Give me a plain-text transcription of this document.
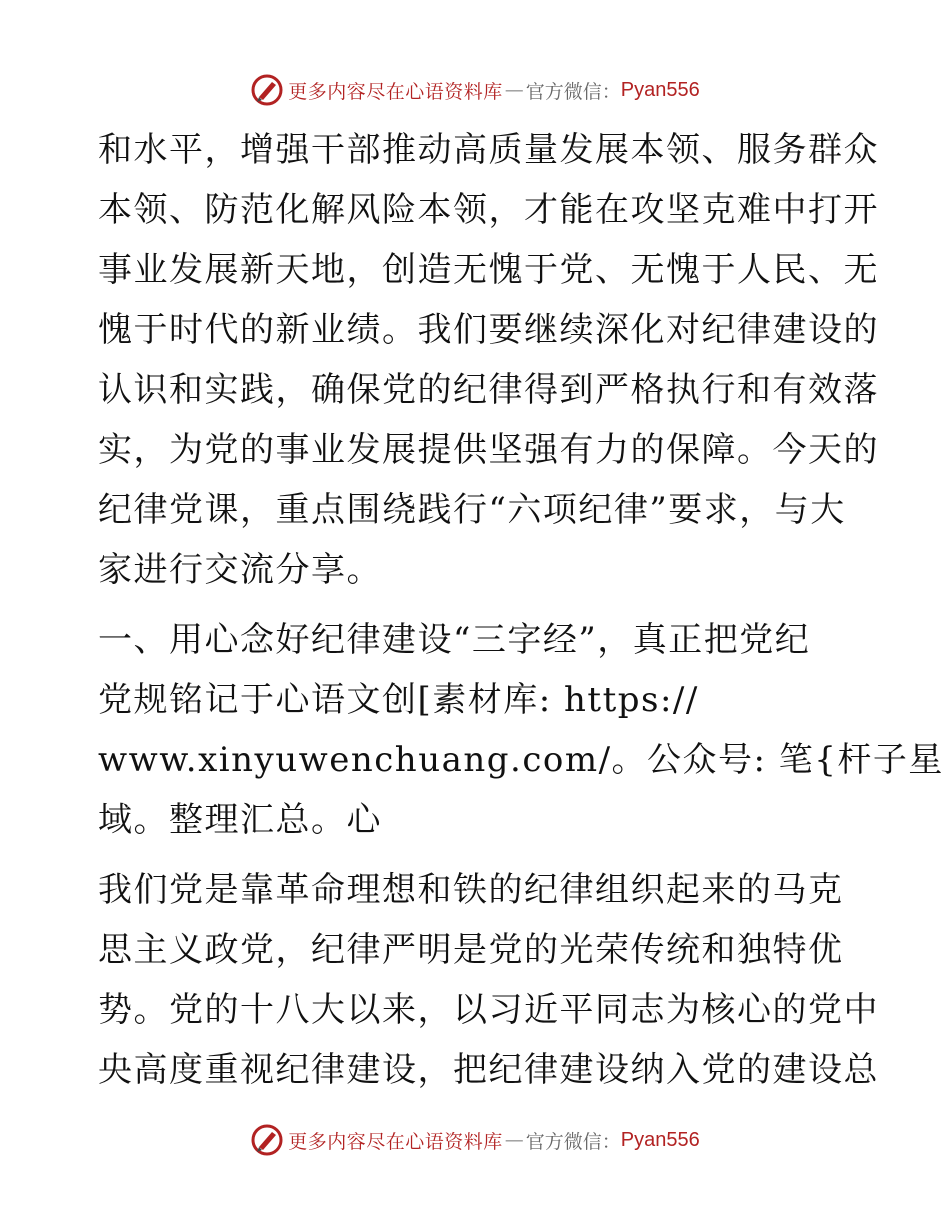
更多内容尽在心语资料库 — 官方微信： Pyan556
和水平，增强干部推动高质量发展本领、服务群众
本领、防范化解风险本领，才能在攻坚克难中打开
事业发展新天地，创造无愧于党、无愧于人民、无
愧于时代的新业绩。我们要继续深化对纪律建设的
认识和实践，确保党的纪律得到严格执行和有效落
实，为党的事业发展提供坚强有力的保障。今天的
纪律党课，重点围绕践行“六项纪律”要求，与大
家进行交流分享。
一、用心念好纪律建设“三字经”，真正把党纪
党规铭记于心语文创[素材库: https://
www.xinyuwenchuang.com/。公众号: 笔{杆子星
域。整理汇总。心
我们党是靠革命理想和铁的纪律组织起来的马克
思主义政党，纪律严明是党的光荣传统和独特优
势。党的十八大以来，以习近平同志为核心的党中
央高度重视纪律建设，把纪律建设纳入党的建设总
更多内容尽在心语资料库 — 官方微信： Pyan556
